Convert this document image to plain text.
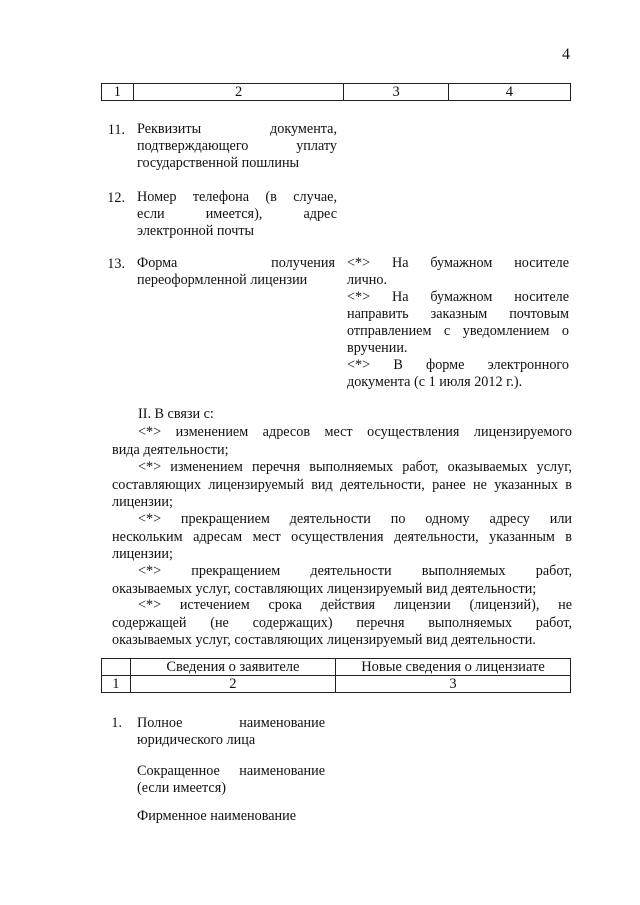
4
1	2	3	4
11. Реквизиты документа,
подтверждающего уплату
государственной пошлины
12. Номер телефона (в случае,
если имеется), адрес
электронной почты
13. Форма получения
переоформленной лицензии
<*> На бумажном носителе
лично.
<*> На бумажном носителе
направить заказным почтовым
отправлением с уведомлением о
вручении.
<*> В форме электронного
документа (с 1 июля 2012 г.).
II. В связи с:
<*> изменением адресов мест осуществления лицензируемого
вида деятельности;
<*> изменением перечня выполняемых работ, оказываемых услуг,
составляющих лицензируемый вид деятельности, ранее не указанных в
лицензии;
<*> прекращением деятельности по одному адресу или
нескольким адресам мест осуществления деятельности, указанным в
лицензии;
<*> прекращением деятельности выполняемых работ,
оказываемых услуг, составляющих лицензируемый вид деятельности;
<*> истечением срока действия лицензии (лицензий), не
содержащей (не содержащих) перечня выполняемых работ,
оказываемых услуг, составляющих лицензируемый вид деятельности.
	Сведения о заявителе	Новые сведения о лицензиате
1	2	3
1. Полное наименование
юридического лица
Сокращенное наименование
(если имеется)
Фирменное наименование
